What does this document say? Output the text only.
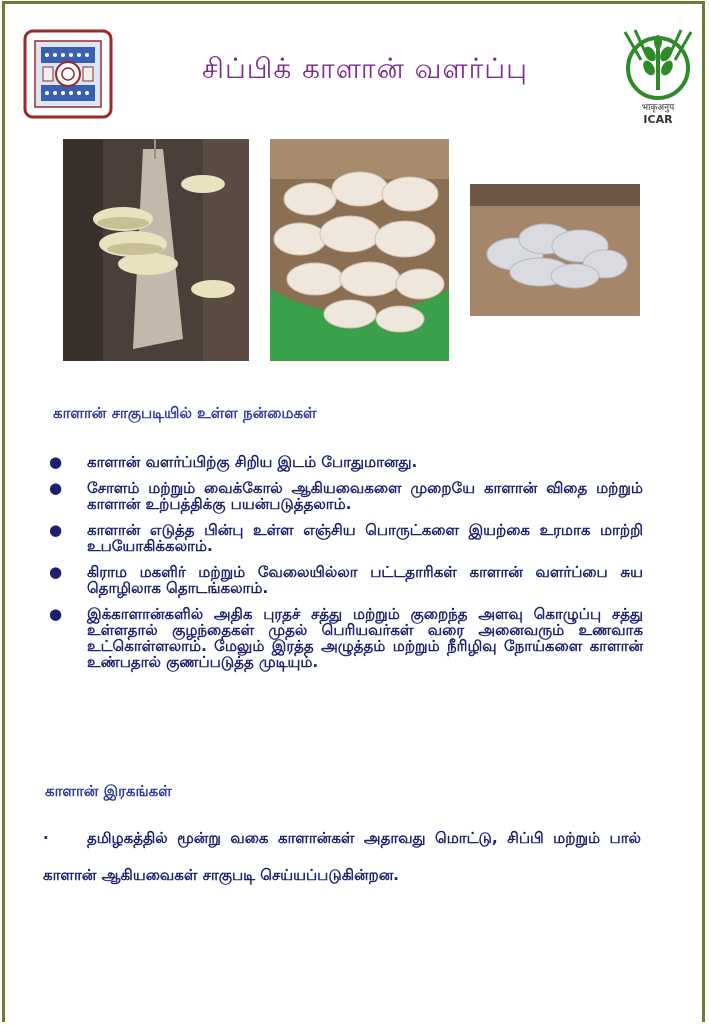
சிப்பிக் காளான் வளர்ப்பு
भाकृअनुप
ICAR
காளான் சாகுபடியில் உள்ள நன்மைகள்
● காளான் வளர்ப்பிற்கு சிறிய இடம் போதுமானது.
● சோளம் மற்றும் வைக்கோல் ஆகியவைகளை முறையே காளான் விதை மற்றும் காளான் உற்பத்திக்கு பயன்படுத்தலாம்.
● காளான் எடுத்த பின்பு உள்ள எஞ்சிய பொருட்களை இயற்கை உரமாக மாற்றி உபயோகிக்கலாம்.
● கிராம மகளிர் மற்றும் வேலையில்லா பட்டதாரிகள் காளான் வளர்ப்பை சுய தொழிலாக தொடங்கலாம்.
● இக்காளான்களில் அதிக புரதச் சத்து மற்றும் குறைந்த அளவு கொழுப்பு சத்து உள்ளதால் குழந்தைகள் முதல் பெரியவர்கள் வரை அனைவரும் உணவாக உட்கொள்ளலாம். மேலும் இரத்த அழுத்தம் மற்றும் நீரிழிவு நோய்களை காளான் உண்பதால் குணப்படுத்த முடியும்.
காளான் இரகங்கள்
·	தமிழகத்தில் மூன்று வகை காளான்கள் அதாவது மொட்டு, சிப்பி மற்றும் பால் காளான் ஆகியவைகள் சாகுபடி செய்யப்படுகின்றன.
